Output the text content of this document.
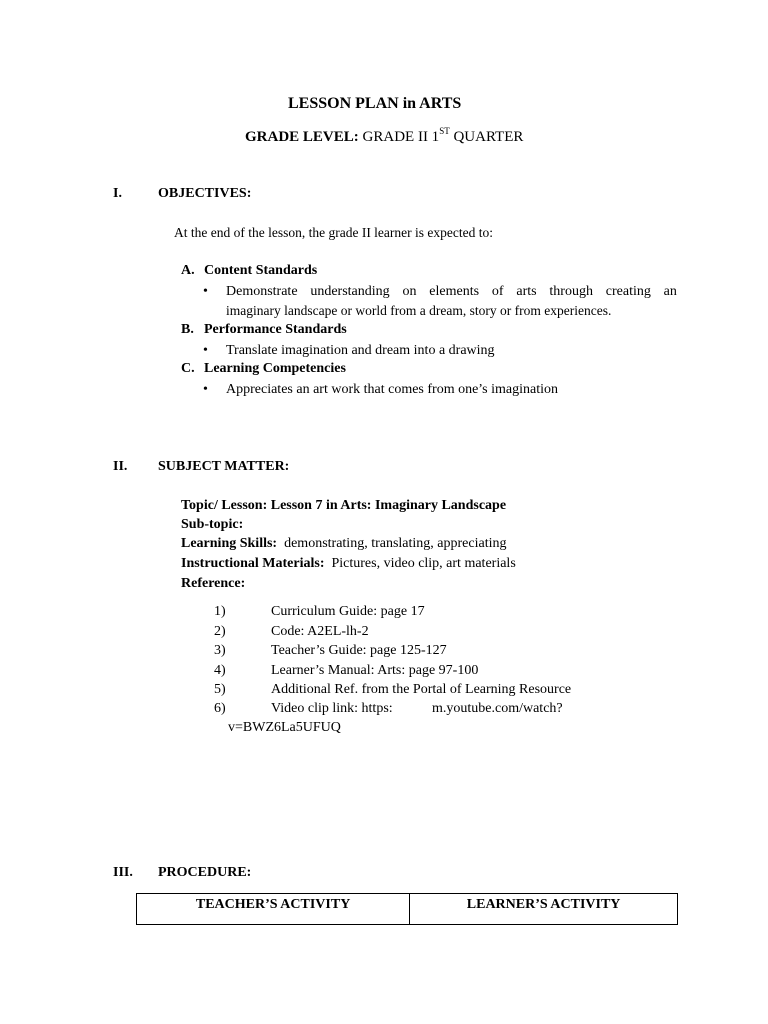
LESSON PLAN in ARTS
GRADE LEVEL: GRADE II 1ST QUARTER
I.	OBJECTIVES:
At the end of the lesson, the grade II learner is expected to:
A. Content Standards
• Demonstrate understanding on elements of arts through creating an
imaginary landscape or world from a dream, story or from experiences.
B. Performance Standards
• Translate imagination and dream into a drawing
C. Learning Competencies
• Appreciates an art work that comes from one’s imagination
II. SUBJECT MATTER:
Topic/ Lesson: Lesson 7 in Arts: Imaginary Landscape
Sub-topic:
Learning Skills: demonstrating, translating, appreciating
Instructional Materials: Pictures, video clip, art materials
Reference:
1)	Curriculum Guide: page 17
2)	Code: A2EL-lh-2
3)	Teacher’s Guide: page 125-127
4)	Learner’s Manual: Arts: page 97-100
5)	Additional Ref. from the Portal of Learning Resource
6)	Video clip link: https:	m.youtube.com/watch?
v=BWZ6La5UFUQ
III. PROCEDURE:
TEACHER’S ACTIVITY	LEARNER’S ACTIVITY
